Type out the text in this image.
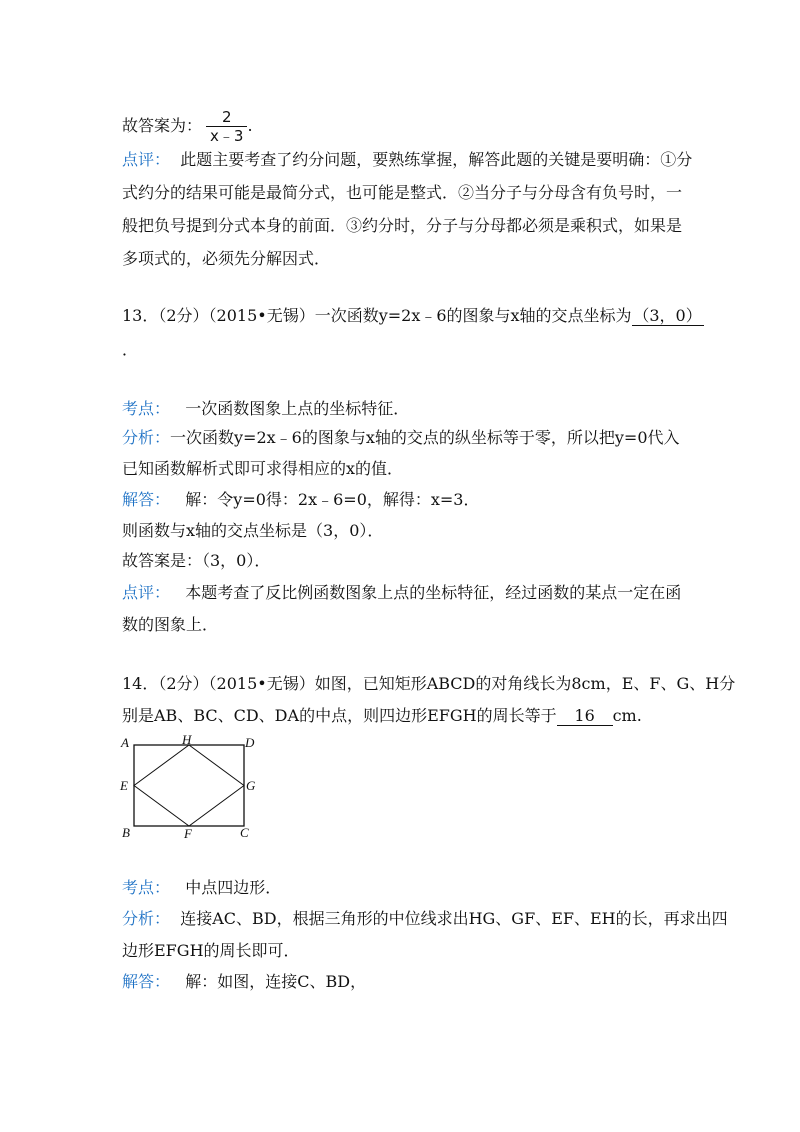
故答案为： $\frac{2}{x﹣3}$ .
点评： 此题主要考查了约分问题，要熟练掌握，解答此题的关键是要明确：①分
式约分的结果可能是最简分式，也可能是整式．②当分子与分母含有负号时，一
般把负号提到分式本身的前面．③约分时，分子与分母都必须是乘积式，如果是
多项式的，必须先分解因式．
13．（2分）（2015•无锡）一次函数y=2x﹣6的图象与x轴的交点坐标为 （3，0）
．
考点： 一次函数图象上点的坐标特征．
分析：一次函数y=2x﹣6的图象与x轴的交点的纵坐标等于零，所以把y=0代入
已知函数解析式即可求得相应的x的值．
解答： 解：令y=0得：2x﹣6=0，解得：x=3．
则函数与x轴的交点坐标是（3，0）．
故答案是：（3，0）．
点评： 本题考查了反比例函数图象上点的坐标特征，经过函数的某点一定在函
数的图象上．
14．（2分）（2015•无锡）如图，已知矩形ABCD的对角线长为8cm，E、F、G、H分
别是AB、BC、CD、DA的中点，则四边形EFGH的周长等于 16 cm.
A	H	D
E	G
B	F	C
考点： 中点四边形．
分析： 连接AC、BD，根据三角形的中位线求出HG、GF、EF、EH的长，再求出四
边形EFGH的周长即可．
解答： 解：如图，连接C、BD，
